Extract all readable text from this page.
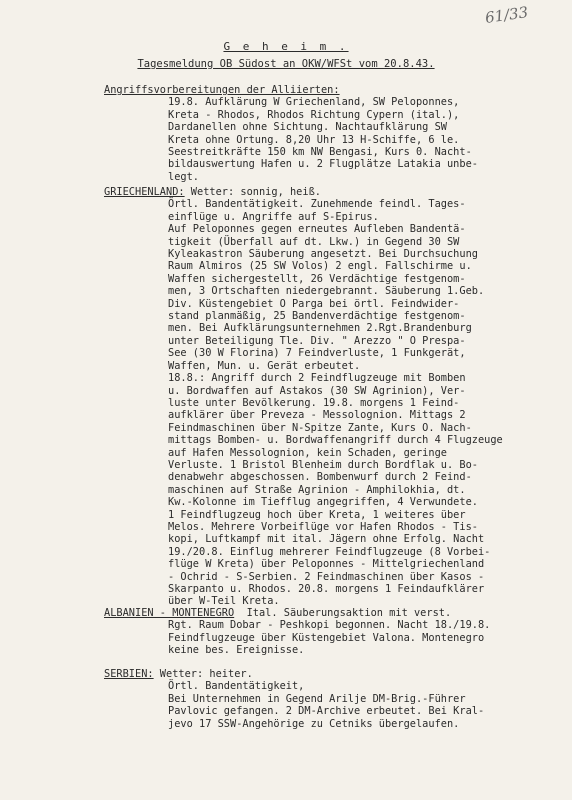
61/33
G e h e i m .
Tagesmeldung OB Südost an OKW/WFSt vom 20.8.43.

Angriffsvorbereitungen der Alliierten:

19.8. Aufklärung W Griechenland, SW Peloponnes,

Kreta - Rhodos, Rhodos Richtung Cypern (ital.),

Dardanellen ohne Sichtung. Nachtaufklärung SW

Kreta ohne Ortung. 8,20 Uhr 13 H-Schiffe, 6 le.

Seestreitkräfte 150 km NW Bengasi, Kurs 0. Nacht-

bildauswertung Hafen u. 2 Flugplätze Latakia unbe-

legt.

GRIECHENLAND: Wetter: sonnig, heiß.

Örtl. Bandentätigkeit. Zunehmende feindl. Tages-

einflüge u. Angriffe auf S-Epirus.

Auf Peloponnes gegen erneutes Aufleben Bandentä-

tigkeit (Überfall auf dt. Lkw.) in Gegend 30 SW

Kyleakastron Säuberung angesetzt. Bei Durchsuchung

Raum Almiros (25 SW Volos) 2 engl. Fallschirme u.

Waffen sichergestellt, 26 Verdächtige festgenom-

men, 3 Ortschaften niedergebrannt. Säuberung 1.Geb.

Div. Küstengebiet O Parga bei örtl. Feindwider-

stand planmäßig, 25 Bandenverdächtige festgenom-

men. Bei Aufklärungsunternehmen 2.Rgt.Brandenburg

unter Beteiligung Tle. Div. " Arezzo " O Prespa-

See (30 W Florina) 7 Feindverluste, 1 Funkgerät,

Waffen, Mun. u. Gerät erbeutet.

18.8.: Angriff durch 2 Feindflugzeuge mit Bomben

u. Bordwaffen auf Astakos (30 SW Agrinion), Ver-

luste unter Bevölkerung. 19.8. morgens 1 Feind-

aufklärer über Preveza - Messolognion. Mittags 2

Feindmaschinen über N-Spitze Zante, Kurs O. Nach-

mittags Bomben- u. Bordwaffenangriff durch 4 Flugzeuge

auf Hafen Messolognion, kein Schaden, geringe

Verluste. 1 Bristol Blenheim durch Bordflak u. Bo-

denabwehr abgeschossen. Bombenwurf durch 2 Feind-

maschinen auf Straße Agrinion - Amphilokhia, dt.

Kw.-Kolonne im Tiefflug angegriffen, 4 Verwundete.

1 Feindflugzeug hoch über Kreta, 1 weiteres über

Melos. Mehrere Vorbeiflüge vor Hafen Rhodos - Tis-

kopi, Luftkampf mit ital. Jägern ohne Erfolg. Nacht

19./20.8. Einflug mehrerer Feindflugzeuge (8 Vorbei-

flüge W Kreta) über Peloponnes - Mittelgriechenland

- Ochrid - S-Serbien. 2 Feindmaschinen über Kasos -

Skarpanto u. Rhodos. 20.8. morgens 1 Feindaufklärer

über W-Teil Kreta.

ALBANIEN - MONTENEGRO  Ital. Säuberungsaktion mit verst.

Rgt. Raum Dobar - Peshkopi begonnen. Nacht 18./19.8.

Feindflugzeuge über Küstengebiet Valona. Montenegro

keine bes. Ereignisse.

SERBIEN: Wetter: heiter.

Örtl. Bandentätigkeit,

Bei Unternehmen in Gegend Arilje DM-Brig.-Führer

Pavlovic gefangen. 2 DM-Archive erbeutet. Bei Kral-

jevo 17 SSW-Angehörige zu Cetniks übergelaufen.
